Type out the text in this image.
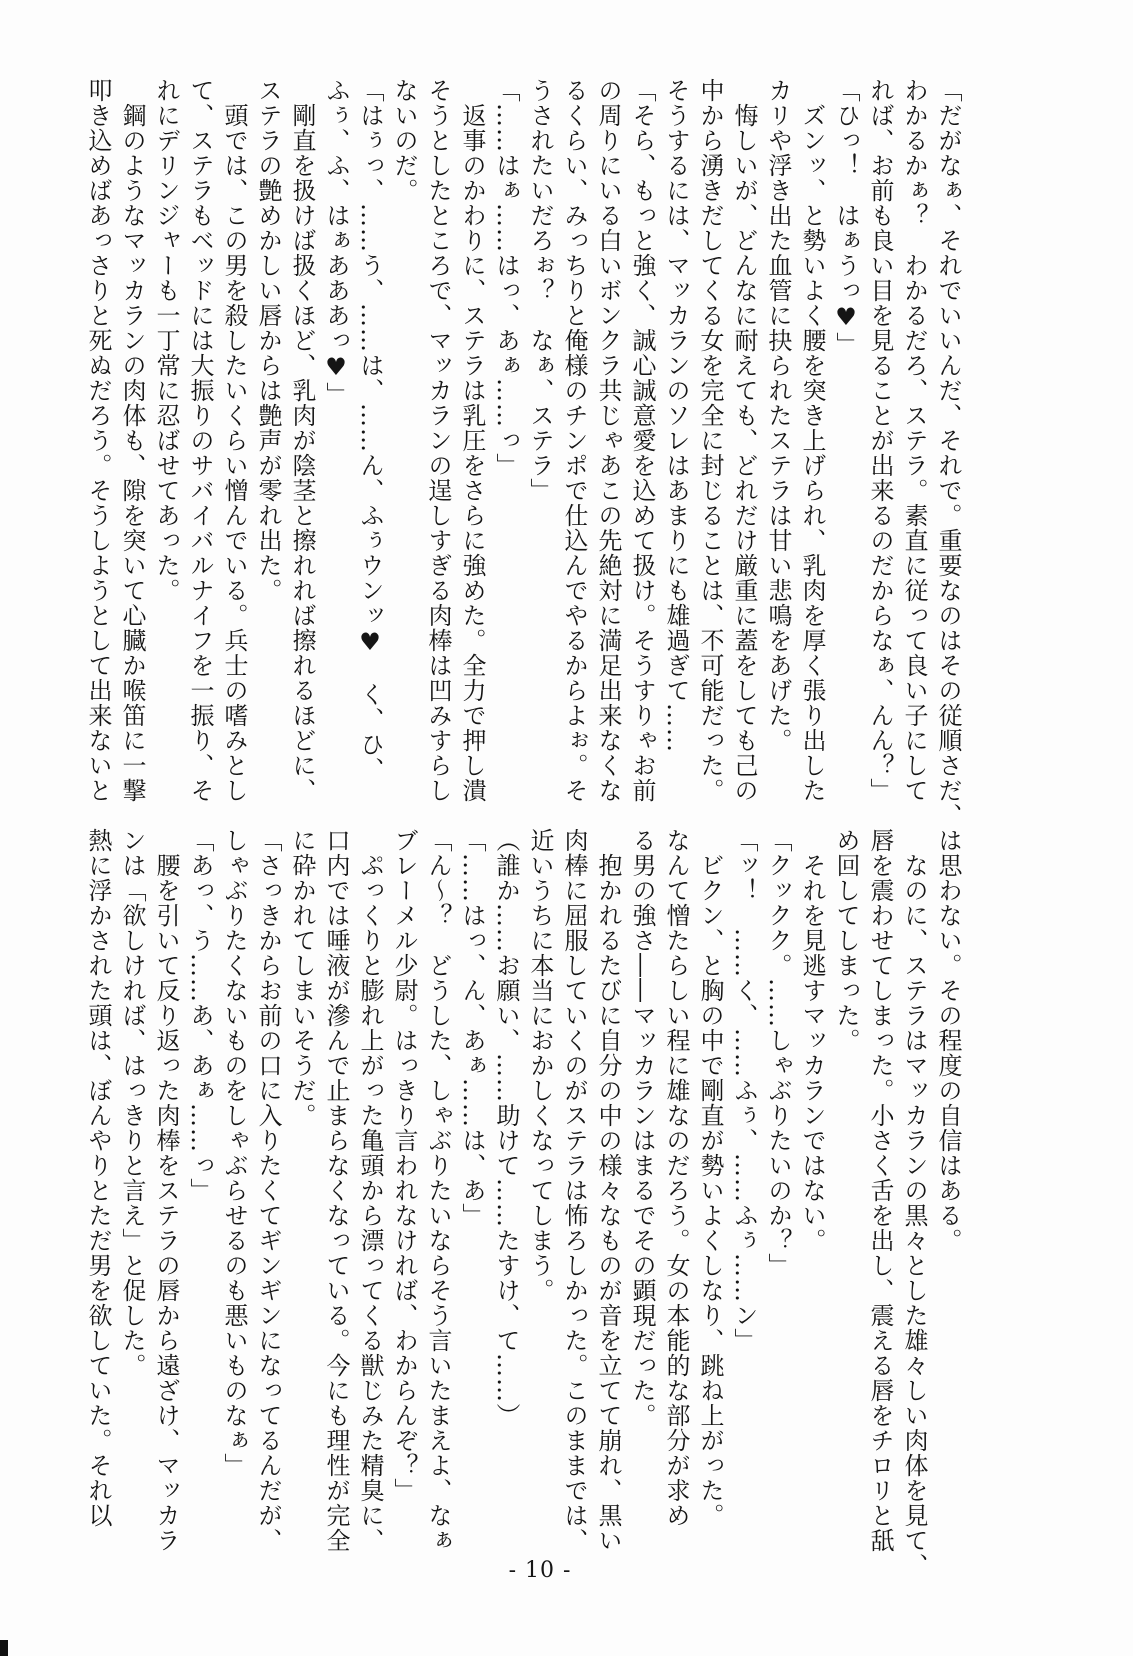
「だがなぁ、それでいいんだ、それで。重要なのはその従順さだ、
わかるかぁ？　わかるだろ、ステラ。素直に従って良い子にして
れば、お前も良い目を見ることが出来るのだからなぁ、んん？」
「ひっ！　はぁうっ♥」
　ズンッ、と勢いよく腰を突き上げられ、乳肉を厚く張り出した
カリや浮き出た血管に抉られたステラは甘い悲鳴をあげた。
　悔しいが、どんなに耐えても、どれだけ厳重に蓋をしても己の
中から湧きだしてくる女を完全に封じることは、不可能だった。
そうするには、マッカランのソレはあまりにも雄過ぎて……
「そら、もっと強く、誠心誠意愛を込めて扱け。そうすりゃお前
の周りにいる白いボンクラ共じゃあこの先絶対に満足出来なくな
るくらい、みっちりと俺様のチンポで仕込んでやるからよぉ。そ
うされたいだろぉ？　なぁ、ステラ」
「……はぁ……はっ、あぁ……っ」
　返事のかわりに、ステラは乳圧をさらに強めた。全力で押し潰
そうとしたところで、マッカランの逞しすぎる肉棒は凹みすらし
ないのだ。
「はぅっ、……う、……は、……ん、ふぅウンッ♥　く、ひ、
ふぅ、ふ、はぁあああっ♥」
　剛直を扱けば扱くほど、乳肉が陰茎と擦れれば擦れるほどに、
ステラの艶めかしい唇からは艶声が零れ出た。
　頭では、この男を殺したいくらい憎んでいる。兵士の嗜みとし
て、ステラもベッドには大振りのサバイバルナイフを一振り、そ
れにデリンジャーも一丁常に忍ばせてあった。
　鋼のようなマッカランの肉体も、隙を突いて心臓か喉笛に一撃
叩き込めばあっさりと死ぬだろう。そうしようとして出来ないと
は思わない。その程度の自信はある。
　なのに、ステラはマッカランの黒々とした雄々しい肉体を見て、
唇を震わせてしまった。小さく舌を出し、震える唇をチロリと舐
め回してしまった。
　それを見逃すマッカランではない。
「クックク。……しゃぶりたいのか？」
「ッ！　……く、……ふぅ、……ふぅ……ン」
　ビクン、と胸の中で剛直が勢いよくしなり、跳ね上がった。
なんて憎たらしい程に雄なのだろう。女の本能的な部分が求め
る男の強さ――マッカランはまるでその顕現だった。
　抱かれるたびに自分の中の様々なものが音を立てて崩れ、黒い
肉棒に屈服していくのがステラは怖ろしかった。このままでは、
近いうちに本当におかしくなってしまう。
（誰か……お願い、……助けて……たすけ、て……）
「……はっ、ん、あぁ……は、あ」
「ん～？　どうした、しゃぶりたいならそう言いたまえよ、なぁ
ブレーメル少尉。はっきり言われなければ、わからんぞ？」
　ぷっくりと膨れ上がった亀頭から漂ってくる獣じみた精臭に、
口内では唾液が滲んで止まらなくなっている。今にも理性が完全
に砕かれてしまいそうだ。
「さっきからお前の口に入りたくてギンギンになってるんだが、
しゃぶりたくないものをしゃぶらせるのも悪いものなぁ」
「あっ、う……あ、あぁ……っ」
　腰を引いて反り返った肉棒をステラの唇から遠ざけ、マッカラ
ンは「欲しければ、はっきりと言え」と促した。
熱に浮かされた頭は、ぼんやりとただ男を欲していた。それ以
- 10 -
